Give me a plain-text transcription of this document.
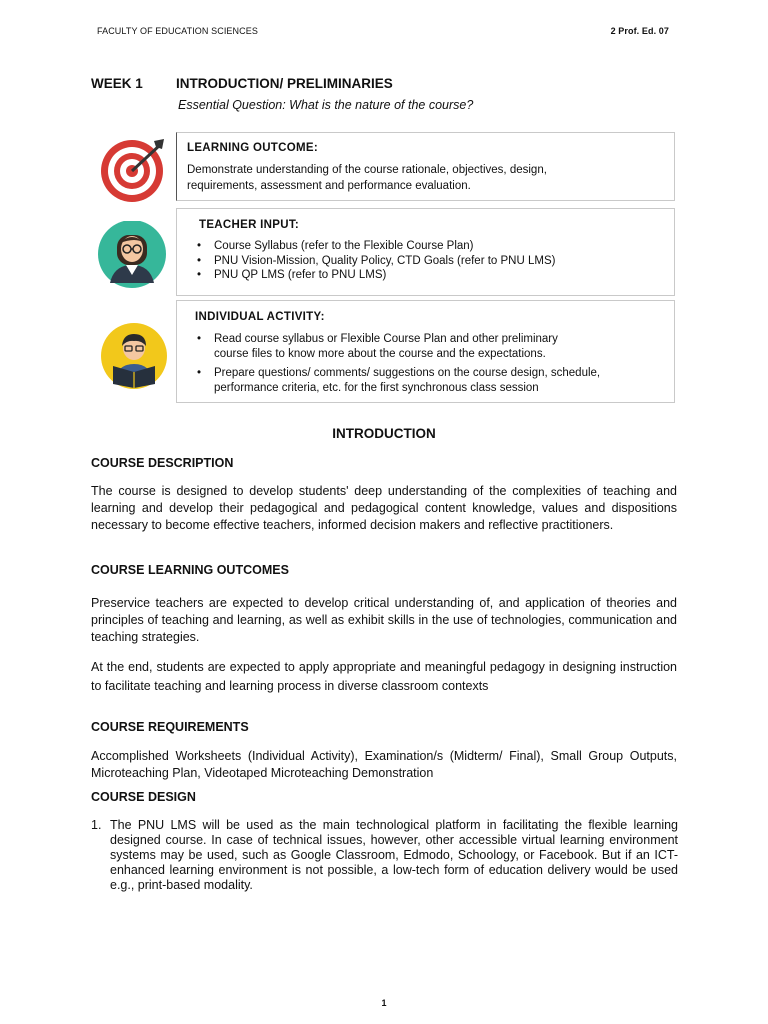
FACULTY OF EDUCATION SCIENCES	2 Prof. Ed. 07
WEEK 1 INTRODUCTION/ PRELIMINARIES
Essential Question: What is the nature of the course?
LEARNING OUTCOME:
Demonstrate understanding of the course rationale, objectives, design,
requirements, assessment and performance evaluation.
TEACHER INPUT:
• Course Syllabus (refer to the Flexible Course Plan)
• PNU Vision-Mission, Quality Policy, CTD Goals (refer to PNU LMS)
• PNU QP LMS (refer to PNU LMS)
INDIVIDUAL ACTIVITY:
• Read course syllabus or Flexible Course Plan and other preliminary
course files to know more about the course and the expectations.
• Prepare questions/ comments/ suggestions on the course design, schedule,
performance criteria, etc. for the first synchronous class session
INTRODUCTION
COURSE DESCRIPTION
The course is designed to develop students' deep understanding of the complexities of teaching and learning and develop their pedagogical and pedagogical content knowledge, values and dispositions necessary to become effective teachers, informed decision makers and reflective practitioners.
COURSE LEARNING OUTCOMES
Preservice teachers are expected to develop critical understanding of, and application of theories and principles of teaching and learning, as well as exhibit skills in the use of technologies, communication and teaching strategies.
At the end, students are expected to apply appropriate and meaningful pedagogy in designing instruction to facilitate teaching and learning process in diverse classroom contexts
COURSE REQUIREMENTS
Accomplished Worksheets (Individual Activity), Examination/s (Midterm/ Final), Small Group Outputs, Microteaching Plan, Videotaped Microteaching Demonstration
COURSE DESIGN
1. The PNU LMS will be used as the main technological platform in facilitating the flexible learning designed course. In case of technical issues, however, other accessible virtual learning environment systems may be used, such as Google Classroom, Edmodo, Schoology, or Facebook. But if an ICT-enhanced learning environment is not possible, a low-tech form of education delivery would be used e.g., print-based modality.
1
